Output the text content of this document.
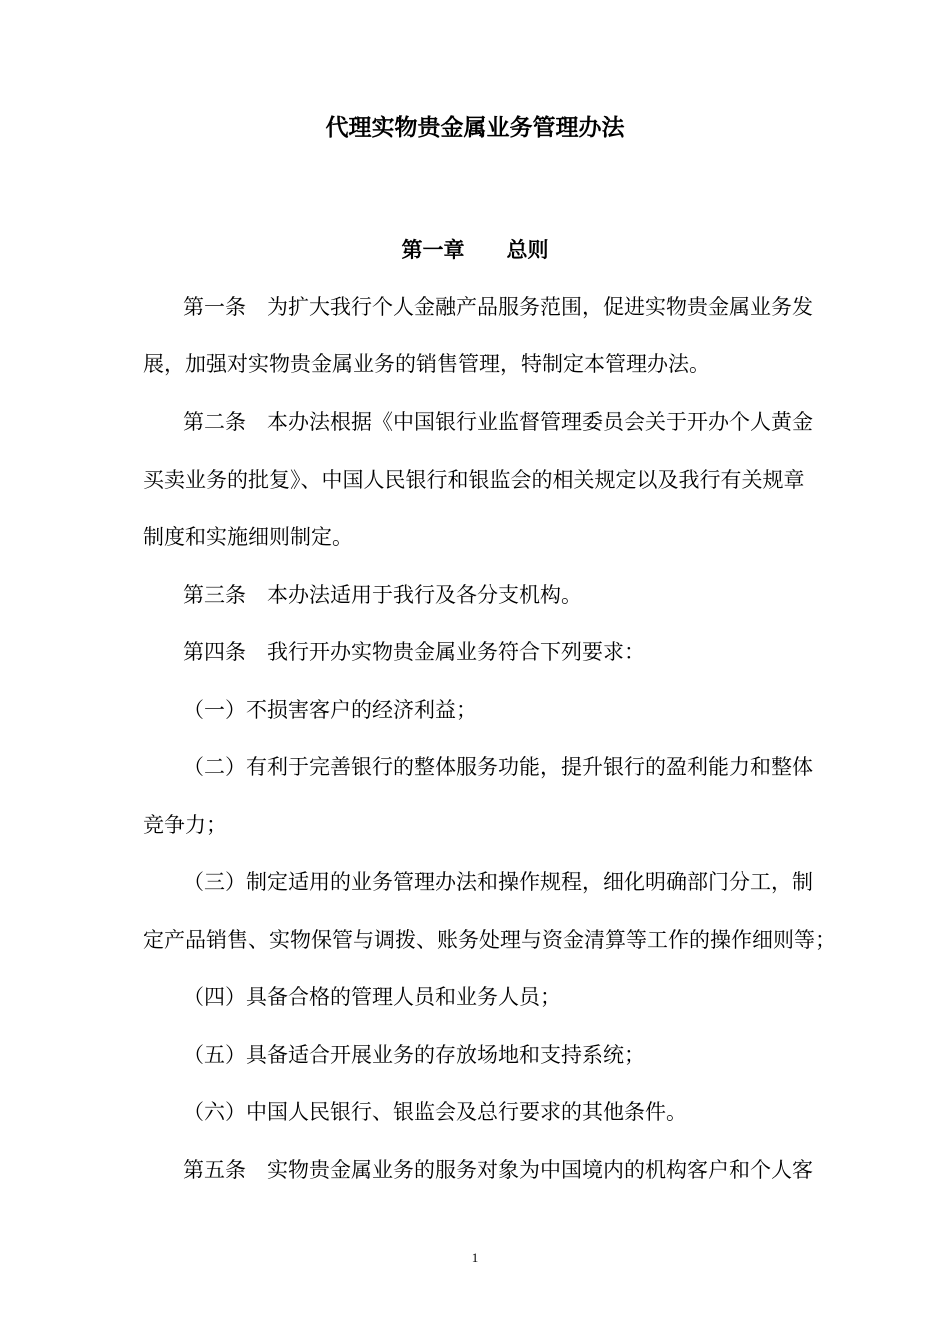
代理实物贵金属业务管理办法
第一章　　总则
第一条　为扩大我行个人金融产品服务范围，促进实物贵金属业务发
展，加强对实物贵金属业务的销售管理，特制定本管理办法。
第二条　本办法根据《中国银行业监督管理委员会关于开办个人黄金
买卖业务的批复》、中国人民银行和银监会的相关规定以及我行有关规章
制度和实施细则制定。
第三条　本办法适用于我行及各分支机构。
第四条　我行开办实物贵金属业务符合下列要求：
（一）不损害客户的经济利益；
（二）有利于完善银行的整体服务功能，提升银行的盈利能力和整体
竞争力；
（三）制定适用的业务管理办法和操作规程，细化明确部门分工，制
定产品销售、实物保管与调拨、账务处理与资金清算等工作的操作细则等；
（四）具备合格的管理人员和业务人员；
（五）具备适合开展业务的存放场地和支持系统；
（六）中国人民银行、银监会及总行要求的其他条件。
第五条　实物贵金属业务的服务对象为中国境内的机构客户和个人客
1
